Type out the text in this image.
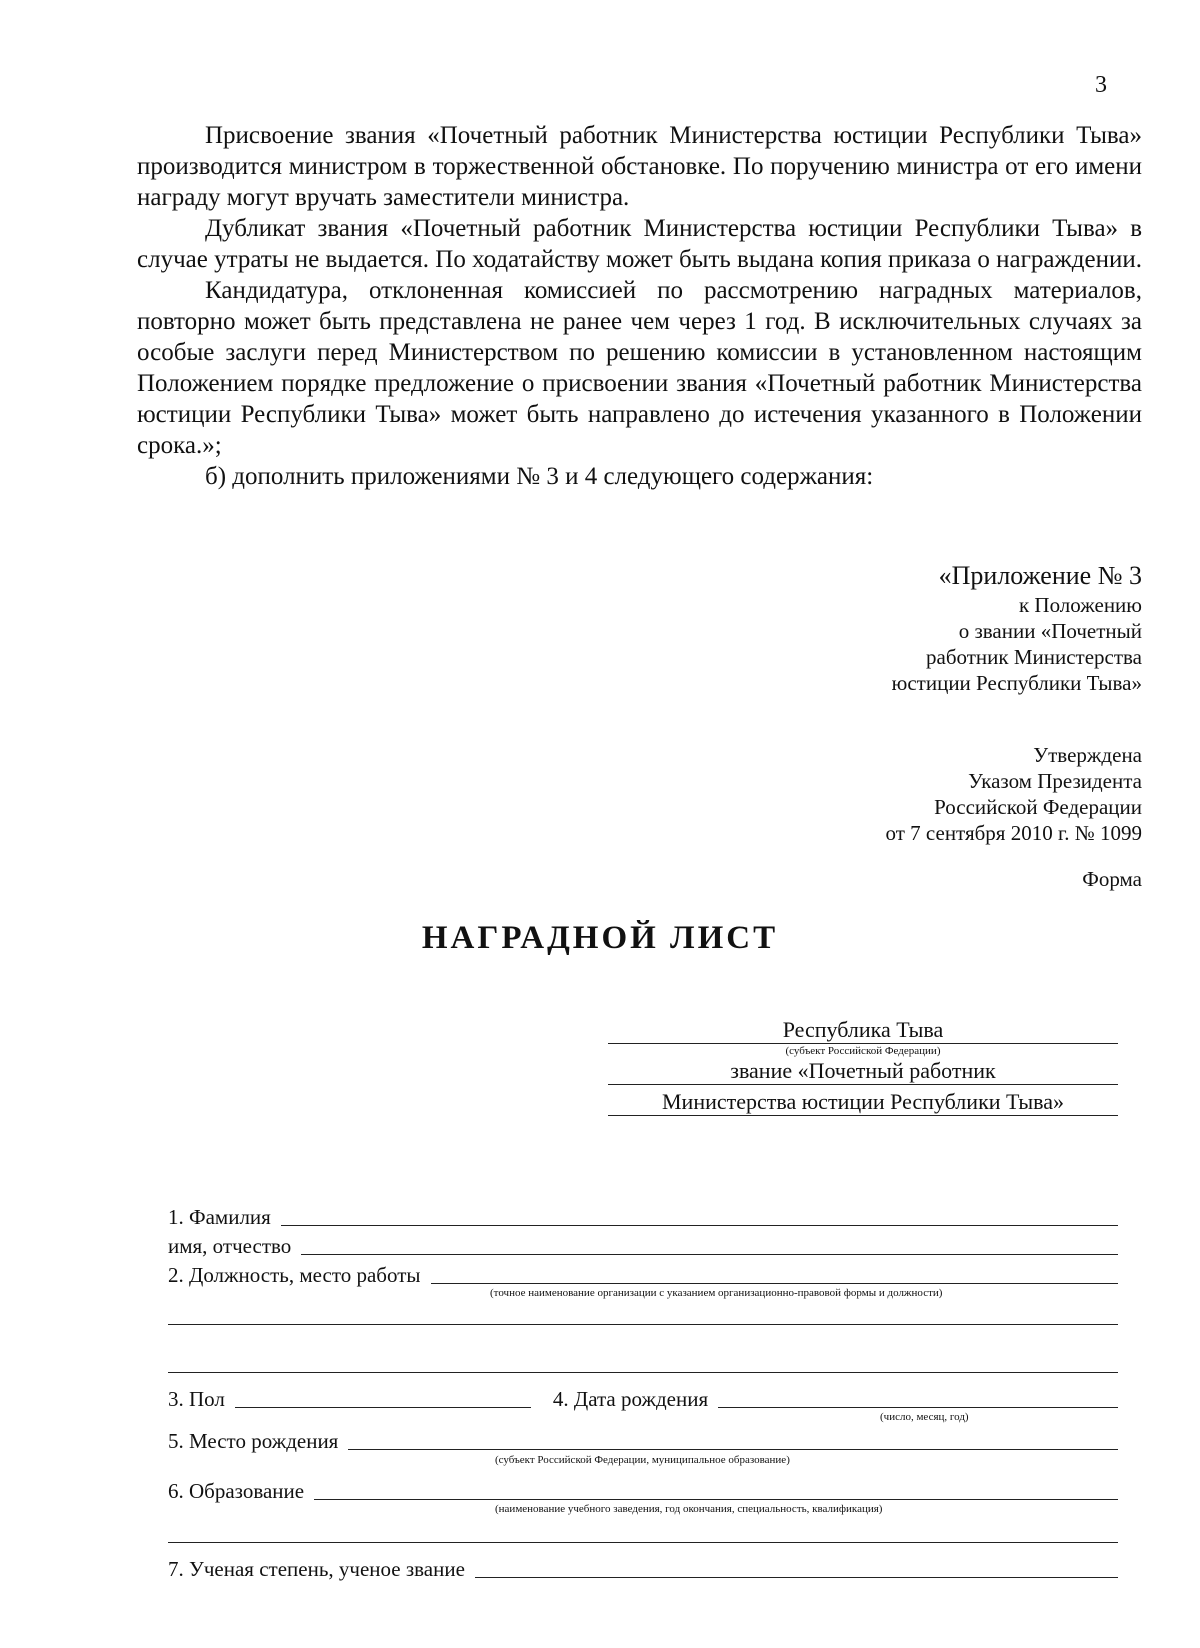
3

Присвоение звания «Почетный работник Министерства юстиции Республики Тыва» производится министром в торжественной обстановке. По поручению министра от его имени награду могут вручать заместители министра.

Дубликат звания «Почетный работник Министерства юстиции Республики Тыва» в случае утраты не выдается. По ходатайству может быть выдана копия приказа о награждении.

Кандидатура, отклоненная комиссией по рассмотрению наградных материалов, повторно может быть представлена не ранее чем через 1 год. В исключительных случаях за особые заслуги перед Министерством по решению комиссии в установленном настоящим Положением порядке предложение о присвоении звания «Почетный работник Министерства юстиции Республики Тыва» может быть направлено до истечения указанного в Положении срока.»;

б) дополнить приложениями № 3 и 4 следующего содержания:

«Приложение № 3
к Положению
о звании «Почетный
работник Министерства
юстиции Республики Тыва»
Утверждена
Указом Президента
Российской Федерации
от 7 сентября 2010 г. № 1099
Форма
НАГРАДНОЙ ЛИСТ
Республика Тыва
(субъект Российской Федерации)
звание «Почетный работник
Министерства юстиции Республики Тыва»
1. Фамилия
имя, отчество
2. Должность, место работы
(точное наименование организации с указанием организационно-правовой формы и должности)
3. Пол	4. Дата рождения
(число, месяц, год)
5. Место рождения
(субъект Российской Федерации, муниципальное образование)
6. Образование
(наименование учебного заведения, год окончания, специальность, квалификация)
7. Ученая степень, ученое звание
